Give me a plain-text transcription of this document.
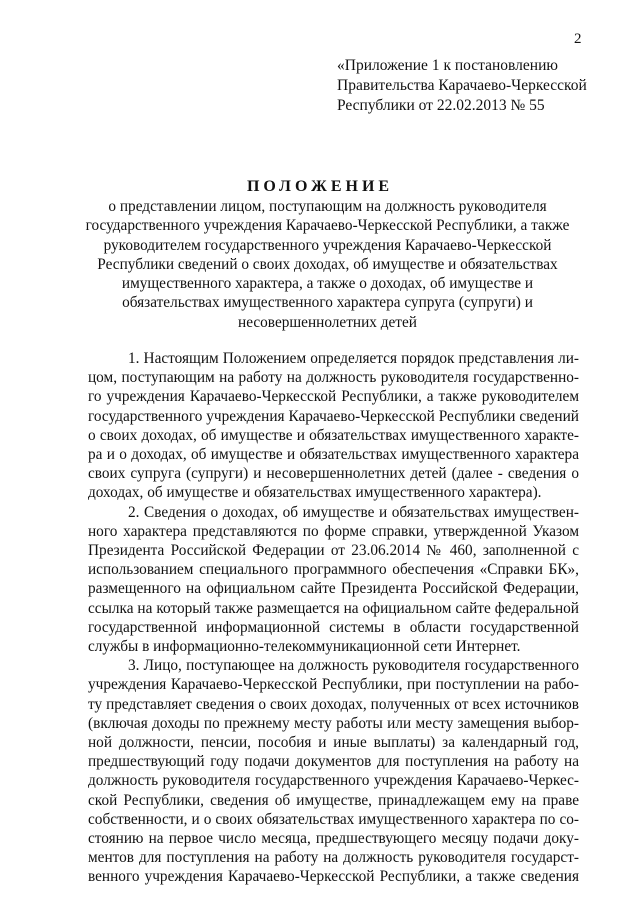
2
«Приложение 1 к постановлению
Правительства Карачаево-Черкесской
Республики от 22.02.2013 № 55
ПОЛОЖЕНИЕ
о представлении лицом, поступающим на должность руководителя
государственного учреждения Карачаево-Черкесской Республики, а также
руководителем государственного учреждения Карачаево-Черкесской
Республики сведений о своих доходах, об имуществе и обязательствах
имущественного характера, а также о доходах, об имуществе и
обязательствах имущественного характера супруга (супруги) и
несовершеннолетних детей
1. Настоящим Положением определяется порядок представления ли-
цом, поступающим на работу на должность руководителя государственно-
го учреждения Карачаево-Черкесской Республики, а также руководителем
государственного учреждения Карачаево-Черкесской Республики сведений
о своих доходах, об имуществе и обязательствах имущественного характе-
ра и о доходах, об имуществе и обязательствах имущественного характера
своих супруга (супруги) и несовершеннолетних детей (далее - сведения о
доходах, об имуществе и обязательствах имущественного характера).
2. Сведения о доходах, об имуществе и обязательствах имуществен-
ного характера представляются по форме справки, утвержденной Указом
Президента Российской Федерации от 23.06.2014 № 460, заполненной с
использованием специального программного обеспечения «Справки БК»,
размещенного на официальном сайте Президента Российской Федерации,
ссылка на который также размещается на официальном сайте федеральной
государственной информационной системы в области государственной
службы в информационно-телекоммуникационной сети Интернет.
3. Лицо, поступающее на должность руководителя государственного
учреждения Карачаево-Черкесской Республики, при поступлении на рабо-
ту представляет сведения о своих доходах, полученных от всех источников
(включая доходы по прежнему месту работы или месту замещения выбор-
ной должности, пенсии, пособия и иные выплаты) за календарный год,
предшествующий году подачи документов для поступления на работу на
должность руководителя государственного учреждения Карачаево-Черкес-
ской Республики, сведения об имуществе, принадлежащем ему на праве
собственности, и о своих обязательствах имущественного характера по со-
стоянию на первое число месяца, предшествующего месяцу подачи доку-
ментов для поступления на работу на должность руководителя государст-
венного учреждения Карачаево-Черкесской Республики, а также сведения
